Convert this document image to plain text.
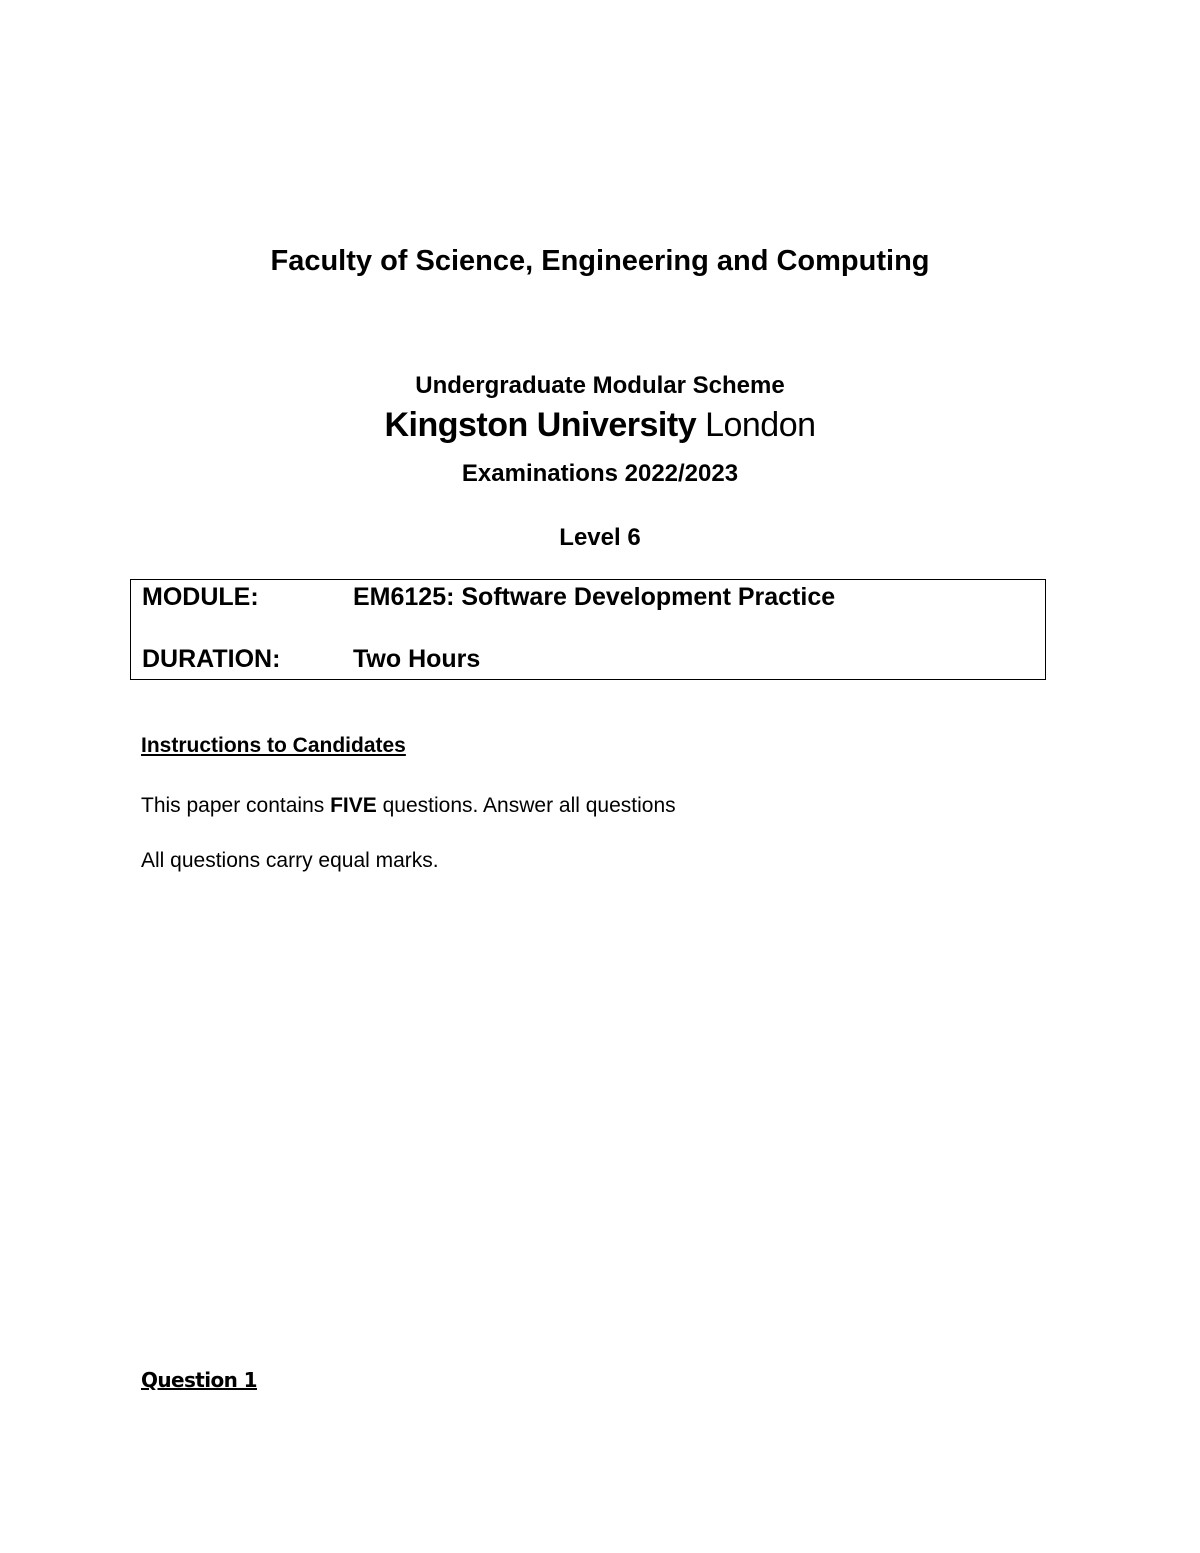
Faculty of Science, Engineering and Computing
Undergraduate Modular Scheme
Kingston University London
Examinations 2022/2023
Level 6
MODULE:	EM6125: Software Development Practice
DURATION:	Two Hours
Instructions to Candidates
This paper contains FIVE questions. Answer all questions
All questions carry equal marks.
Question 1
